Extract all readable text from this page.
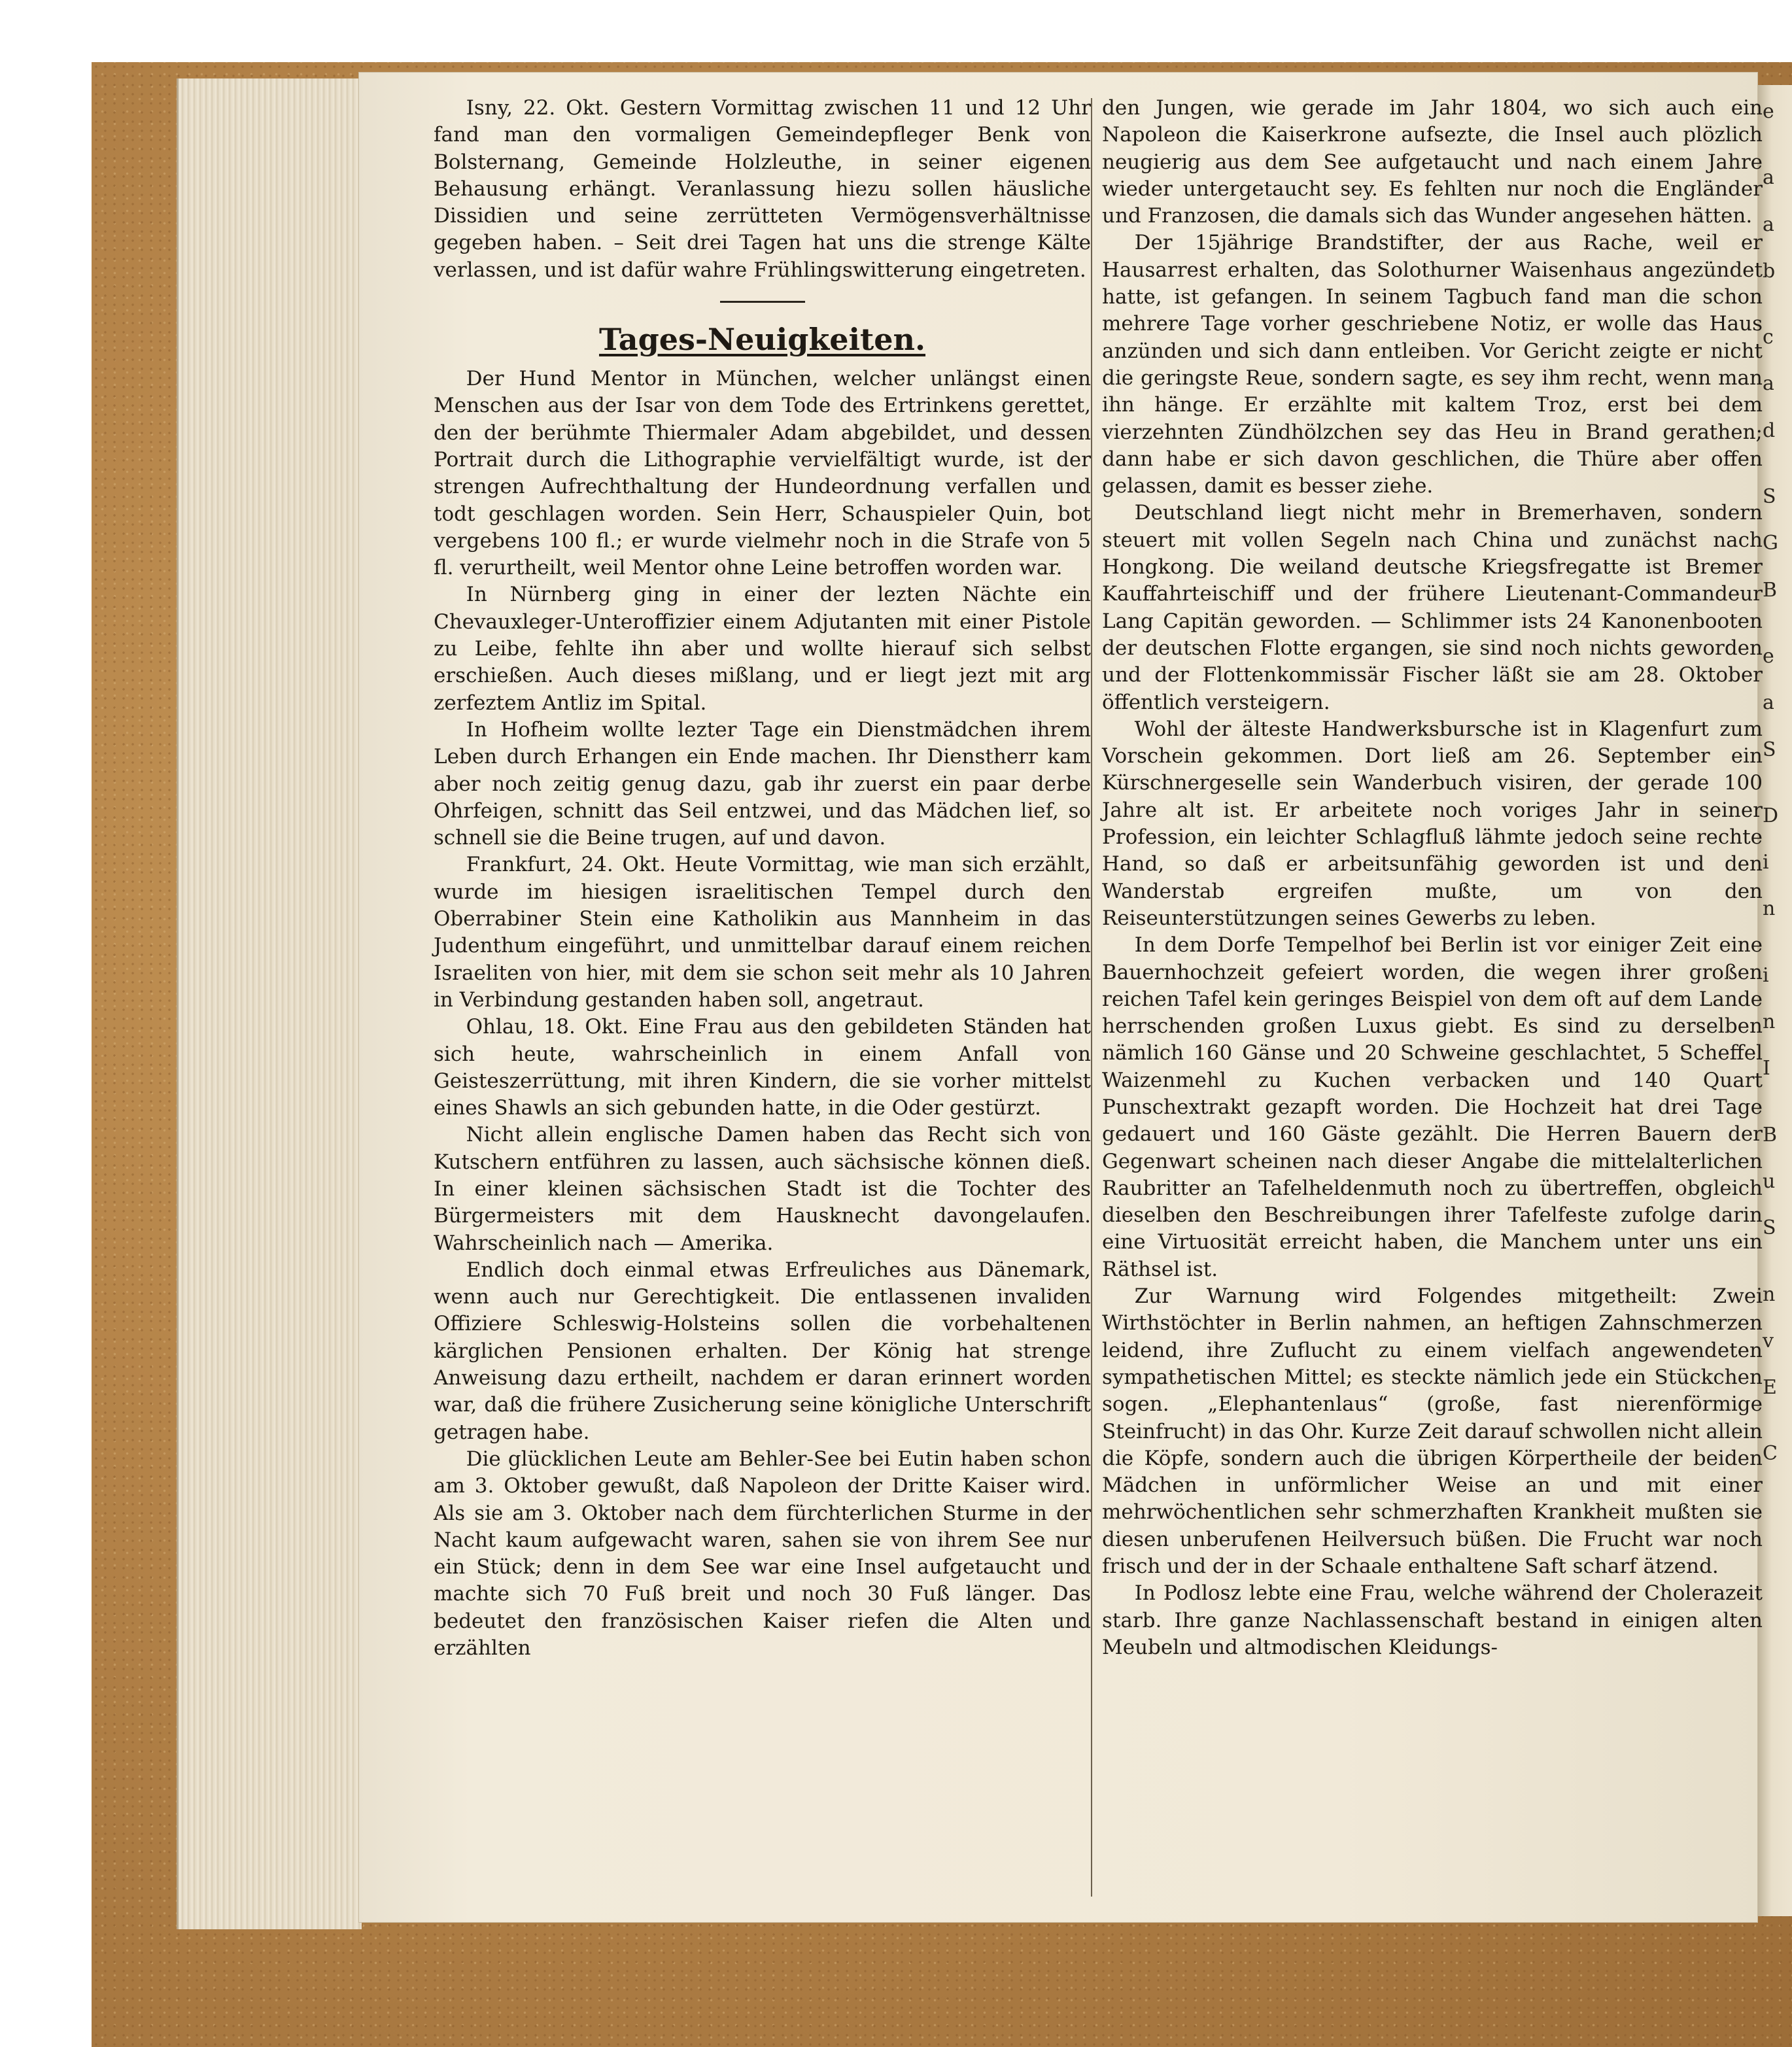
Isny, 22. Okt. Gestern Vormittag zwischen 11 und 12 Uhr fand man den vormaligen Gemeindepfleger Benk von Bolsternang, Gemeinde Holzleuthe, in seiner eigenen Behausung erhängt. Veranlassung hiezu sollen häusliche Dissidien und seine zerrütteten Vermögensverhältnisse gegeben haben. – Seit drei Tagen hat uns die strenge Kälte verlassen, und ist dafür wahre Frühlingswitterung eingetreten.

Tages-Neuigkeiten.

Der Hund Mentor in München, welcher unlängst einen Menschen aus der Isar von dem Tode des Ertrinkens gerettet, den der berühmte Thiermaler Adam abgebildet, und dessen Portrait durch die Lithographie vervielfältigt wurde, ist der strengen Aufrechthaltung der Hundeordnung verfallen und todt geschlagen worden. Sein Herr, Schauspieler Quin, bot vergebens 100 fl.; er wurde vielmehr noch in die Strafe von 5 fl. verurtheilt, weil Mentor ohne Leine betroffen worden war.

In Nürnberg ging in einer der lezten Nächte ein Chevauxleger-Unteroffizier einem Adjutanten mit einer Pistole zu Leibe, fehlte ihn aber und wollte hierauf sich selbst erschießen. Auch dieses mißlang, und er liegt jezt mit arg zerfeztem Antliz im Spital.

In Hofheim wollte lezter Tage ein Dienstmädchen ihrem Leben durch Erhangen ein Ende machen. Ihr Dienstherr kam aber noch zeitig genug dazu, gab ihr zuerst ein paar derbe Ohrfeigen, schnitt das Seil entzwei, und das Mädchen lief, so schnell sie die Beine trugen, auf und davon.

Frankfurt, 24. Okt. Heute Vormittag, wie man sich erzählt, wurde im hiesigen israelitischen Tempel durch den Oberrabiner Stein eine Katholikin aus Mannheim in das Judenthum eingeführt, und unmittelbar darauf einem reichen Israeliten von hier, mit dem sie schon seit mehr als 10 Jahren in Verbindung gestanden haben soll, angetraut.

Ohlau, 18. Okt. Eine Frau aus den gebildeten Ständen hat sich heute, wahrscheinlich in einem Anfall von Geisteszerrüttung, mit ihren Kindern, die sie vorher mittelst eines Shawls an sich gebunden hatte, in die Oder gestürzt.

Nicht allein englische Damen haben das Recht sich von Kutschern entführen zu lassen, auch sächsische können dieß. In einer kleinen sächsischen Stadt ist die Tochter des Bürgermeisters mit dem Hausknecht davongelaufen. Wahrscheinlich nach — Amerika.

Endlich doch einmal etwas Erfreuliches aus Dänemark, wenn auch nur Gerechtigkeit. Die entlassenen invaliden Offiziere Schleswig-Holsteins sollen die vorbehaltenen kärglichen Pensionen erhalten. Der König hat strenge Anweisung dazu ertheilt, nachdem er daran erinnert worden war, daß die frühere Zusicherung seine königliche Unterschrift getragen habe.

Die glücklichen Leute am Behler-See bei Eutin haben schon am 3. Oktober gewußt, daß Napoleon der Dritte Kaiser wird. Als sie am 3. Oktober nach dem fürchterlichen Sturme in der Nacht kaum aufgewacht waren, sahen sie von ihrem See nur ein Stück; denn in dem See war eine Insel aufgetaucht und machte sich 70 Fuß breit und noch 30 Fuß länger. Das bedeutet den französischen Kaiser riefen die Alten und erzählten

den Jungen, wie gerade im Jahr 1804, wo sich auch ein Napoleon die Kaiserkrone aufsezte, die Insel auch plözlich neugierig aus dem See aufgetaucht und nach einem Jahre wieder untergetaucht sey. Es fehlten nur noch die Engländer und Franzosen, die damals sich das Wunder angesehen hätten.

Der 15jährige Brandstifter, der aus Rache, weil er Hausarrest erhalten, das Solothurner Waisenhaus angezündet hatte, ist gefangen. In seinem Tagbuch fand man die schon mehrere Tage vorher geschriebene Notiz, er wolle das Haus anzünden und sich dann entleiben. Vor Gericht zeigte er nicht die geringste Reue, sondern sagte, es sey ihm recht, wenn man ihn hänge. Er erzählte mit kaltem Troz, erst bei dem vierzehnten Zündhölzchen sey das Heu in Brand gerathen; dann habe er sich davon geschlichen, die Thüre aber offen gelassen, damit es besser ziehe.

Deutschland liegt nicht mehr in Bremerhaven, sondern steuert mit vollen Segeln nach China und zunächst nach Hongkong. Die weiland deutsche Kriegsfregatte ist Bremer Kauffahrteischiff und der frühere Lieutenant-Commandeur Lang Capitän geworden. — Schlimmer ists 24 Kanonenbooten der deutschen Flotte ergangen, sie sind noch nichts geworden und der Flottenkommissär Fischer läßt sie am 28. Oktober öffentlich versteigern.

Wohl der älteste Handwerksbursche ist in Klagenfurt zum Vorschein gekommen. Dort ließ am 26. September ein Kürschnergeselle sein Wanderbuch visiren, der gerade 100 Jahre alt ist. Er arbeitete noch voriges Jahr in seiner Profession, ein leichter Schlagfluß lähmte jedoch seine rechte Hand, so daß er arbeitsunfähig geworden ist und den Wanderstab ergreifen mußte, um von den Reiseunterstützungen seines Gewerbs zu leben.

In dem Dorfe Tempelhof bei Berlin ist vor einiger Zeit eine Bauernhochzeit gefeiert worden, die wegen ihrer großen reichen Tafel kein geringes Beispiel von dem oft auf dem Lande herrschenden großen Luxus giebt. Es sind zu derselben nämlich 160 Gänse und 20 Schweine geschlachtet, 5 Scheffel Waizenmehl zu Kuchen verbacken und 140 Quart Punschextrakt gezapft worden. Die Hochzeit hat drei Tage gedauert und 160 Gäste gezählt. Die Herren Bauern der Gegenwart scheinen nach dieser Angabe die mittelalterlichen Raubritter an Tafelheldenmuth noch zu übertreffen, obgleich dieselben den Beschreibungen ihrer Tafelfeste zufolge darin eine Virtuosität erreicht haben, die Manchem unter uns ein Räthsel ist.

Zur Warnung wird Folgendes mitgetheilt: Zwei Wirthstöchter in Berlin nahmen, an heftigen Zahnschmerzen leidend, ihre Zuflucht zu einem vielfach angewendeten sympathetischen Mittel; es steckte nämlich jede ein Stückchen sogen. „Elephantenlaus“ (große, fast nierenförmige Steinfrucht) in das Ohr. Kurze Zeit darauf schwollen nicht allein die Köpfe, sondern auch die übrigen Körpertheile der beiden Mädchen in unförmlicher Weise an und mit einer mehrwöchentlichen sehr schmerzhaften Krankheit mußten sie diesen unberufenen Heilversuch büßen. Die Frucht war noch frisch und der in der Schaale enthaltene Saft scharf ätzend.

In Podlosz lebte eine Frau, welche während der Cholerazeit starb. Ihre ganze Nachlassenschaft bestand in einigen alten Meubeln und altmodischen Kleidungs-

e
a
a
b
c
a
d
S
G
B
e
a
S
D
i
n
i
n
I
B
u
S
n
v
E
C
